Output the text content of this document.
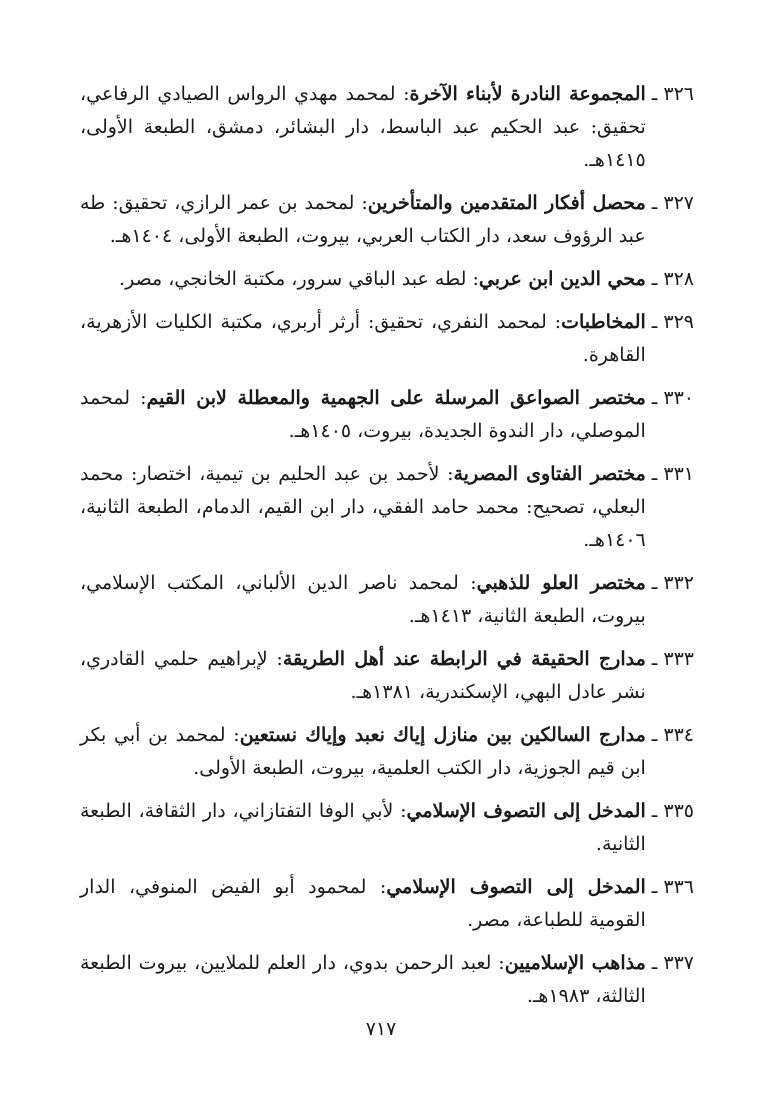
٣٢٦ ـ
المجموعة النادرة لأبناء الآخرة: لمحمد مهدي الرواس الصيادي الرفاعي، تحقيق: عبد الحكيم عبد الباسط، دار البشائر، دمشق، الطبعة الأولى، ١٤١٥هـ.
٣٢٧ ـ
محصل أفكار المتقدمين والمتأخرين: لمحمد بن عمر الرازي، تحقيق: طه عبد الرؤوف سعد، دار الكتاب العربي، بيروت، الطبعة الأولى، ١٤٠٤هـ.
٣٢٨ ـ
محي الدين ابن عربي: لطه عبد الباقي سرور، مكتبة الخانجي، مصر.
٣٢٩ ـ
المخاطبات: لمحمد النفري، تحقيق: أرثر أربري، مكتبة الكليات الأزهرية، القاهرة.
٣٣٠ ـ
مختصر الصواعق المرسلة على الجهمية والمعطلة لابن القيم: لمحمد الموصلي، دار الندوة الجديدة، بيروت، ١٤٠٥هـ.
٣٣١ ـ
مختصر الفتاوى المصرية: لأحمد بن عبد الحليم بن تيمية، اختصار: محمد البعلي، تصحيح: محمد حامد الفقي، دار ابن القيم، الدمام، الطبعة الثانية، ١٤٠٦هـ.
٣٣٢ ـ
مختصر العلو للذهبي: لمحمد ناصر الدين الألباني، المكتب الإسلامي، بيروت، الطبعة الثانية، ١٤١٣هـ.
٣٣٣ ـ
مدارج الحقيقة في الرابطة عند أهل الطريقة: لإبراهيم حلمي القادري، نشر عادل البهي، الإسكندرية، ١٣٨١هـ.
٣٣٤ ـ
مدارج السالكين بين منازل إياك نعبد وإياك نستعين: لمحمد بن أبي بكر ابن قيم الجوزية، دار الكتب العلمية، بيروت، الطبعة الأولى.
٣٣٥ ـ
المدخل إلى التصوف الإسلامي: لأبي الوفا التفتازاني، دار الثقافة، الطبعة الثانية.
٣٣٦ ـ
المدخل إلى التصوف الإسلامي: لمحمود أبو الفيض المنوفي، الدار القومية للطباعة، مصر.
٣٣٧ ـ
مذاهب الإسلاميين: لعبد الرحمن بدوي، دار العلم للملايين، بيروت الطبعة الثالثة، ١٩٨٣هـ.
٧١٧
